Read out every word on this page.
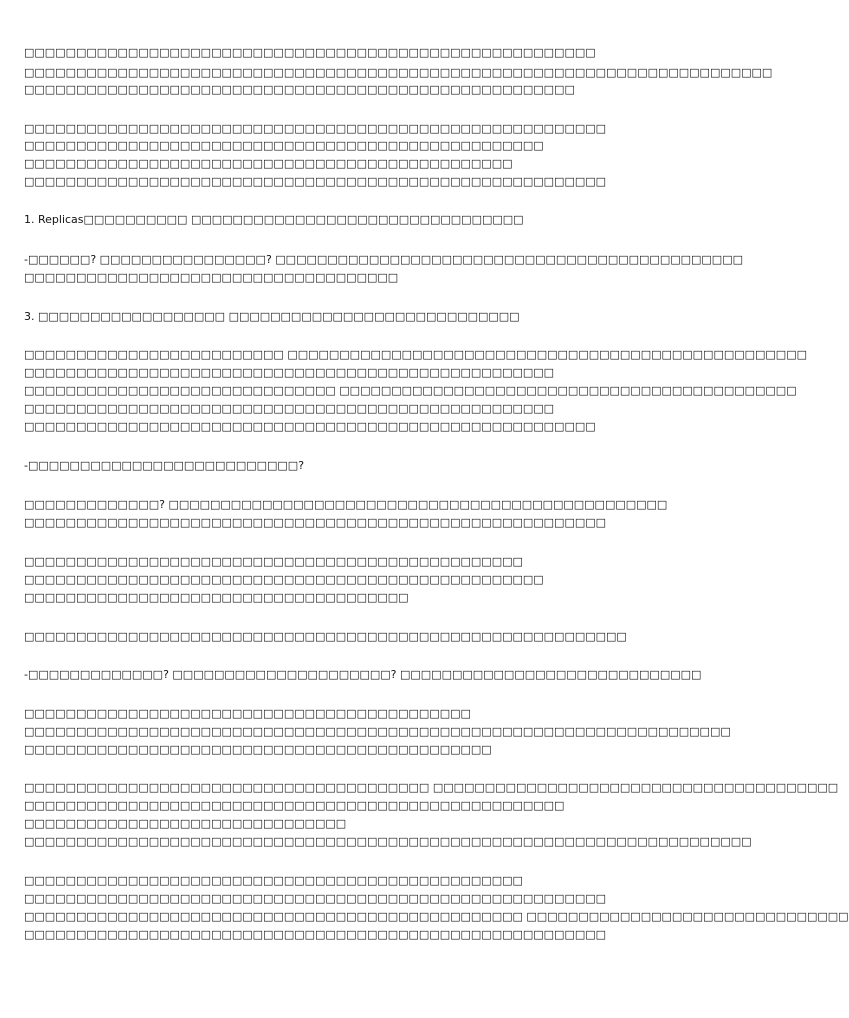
□□□□□□□□□□□□□□□□□□□□□□□□□□□□□□□□□□□□□□□□□□□□□□□□□□□□□□□

□□□□□□□□□□□□□□□□□□□□□□□□□□□□□□□□□□□□□□□□□□□□□□□□□□□□□□□□□□□□□□□□□□□□□□□□

□□□□□□□□□□□□□□□□□□□□□□□□□□□□□□□□□□□□□□□□□□□□□□□□□□□□□

□□□□□□□□□□□□□□□□□□□□□□□□□□□□□□□□□□□□□□□□□□□□□□□□□□□□□□□□

□□□□□□□□□□□□□□□□□□□□□□□□□□□□□□□□□□□□□□□□□□□□□□□□□□

□□□□□□□□□□□□□□□□□□□□□□□□□□□□□□□□□□□□□□□□□□□□□□□

□□□□□□□□□□□□□□□□□□□□□□□□□□□□□□□□□□□□□□□□□□□□□□□□□□□□□□□□

1. Replicas□□□□□□□□□□ □□□□□□□□□□□□□□□□□□□□□□□□□□□□□□□□

-□□□□□□? □□□□□□□□□□□□□□□□? □□□□□□□□□□□□□□□□□□□□□□□□□□□□□□□□□□□□□□□□□□□□□

□□□□□□□□□□□□□□□□□□□□□□□□□□□□□□□□□□□□

3. □□□□□□□□□□□□□□□□□□ □□□□□□□□□□□□□□□□□□□□□□□□□□□□

□□□□□□□□□□□□□□□□□□□□□□□□□ □□□□□□□□□□□□□□□□□□□□□□□□□□□□□□□□□□□□□□□□□□□□□□□□□□

□□□□□□□□□□□□□□□□□□□□□□□□□□□□□□□□□□□□□□□□□□□□□□□□□□□

□□□□□□□□□□□□□□□□□□□□□□□□□□□□□□ □□□□□□□□□□□□□□□□□□□□□□□□□□□□□□□□□□□□□□□□□□□□

□□□□□□□□□□□□□□□□□□□□□□□□□□□□□□□□□□□□□□□□□□□□□□□□□□□

□□□□□□□□□□□□□□□□□□□□□□□□□□□□□□□□□□□□□□□□□□□□□□□□□□□□□□□

-□□□□□□□□□□□□□□□□□□□□□□□□□□?

□□□□□□□□□□□□□? □□□□□□□□□□□□□□□□□□□□□□□□□□□□□□□□□□□□□□□□□□□□□□□□

□□□□□□□□□□□□□□□□□□□□□□□□□□□□□□□□□□□□□□□□□□□□□□□□□□□□□□□□

□□□□□□□□□□□□□□□□□□□□□□□□□□□□□□□□□□□□□□□□□□□□□□□□

□□□□□□□□□□□□□□□□□□□□□□□□□□□□□□□□□□□□□□□□□□□□□□□□□□

□□□□□□□□□□□□□□□□□□□□□□□□□□□□□□□□□□□□□

□□□□□□□□□□□□□□□□□□□□□□□□□□□□□□□□□□□□□□□□□□□□□□□□□□□□□□□□□□

-□□□□□□□□□□□□□? □□□□□□□□□□□□□□□□□□□□□? □□□□□□□□□□□□□□□□□□□□□□□□□□□□□

□□□□□□□□□□□□□□□□□□□□□□□□□□□□□□□□□□□□□□□□□□□

□□□□□□□□□□□□□□□□□□□□□□□□□□□□□□□□□□□□□□□□□□□□□□□□□□□□□□□□□□□□□□□□□□□□

□□□□□□□□□□□□□□□□□□□□□□□□□□□□□□□□□□□□□□□□□□□□□

□□□□□□□□□□□□□□□□□□□□□□□□□□□□□□□□□□□□□□□ □□□□□□□□□□□□□□□□□□□□□□□□□□□□□□□□□□□□□□□

□□□□□□□□□□□□□□□□□□□□□□□□□□□□□□□□□□□□□□□□□□□□□□□□□□□□

□□□□□□□□□□□□□□□□□□□□□□□□□□□□□□□

□□□□□□□□□□□□□□□□□□□□□□□□□□□□□□□□□□□□□□□□□□□□□□□□□□□□□□□□□□□□□□□□□□□□□□

□□□□□□□□□□□□□□□□□□□□□□□□□□□□□□□□□□□□□□□□□□□□□□□□

□□□□□□□□□□□□□□□□□□□□□□□□□□□□□□□□□□□□□□□□□□□□□□□□□□□□□□□□

□□□□□□□□□□□□□□□□□□□□□□□□□□□□□□□□□□□□□□□□□□□□□□□□ □□□□□□□□□□□□□□□□□□□□□□□□□□□□□□□

□□□□□□□□□□□□□□□□□□□□□□□□□□□□□□□□□□□□□□□□□□□□□□□□□□□□□□□□
